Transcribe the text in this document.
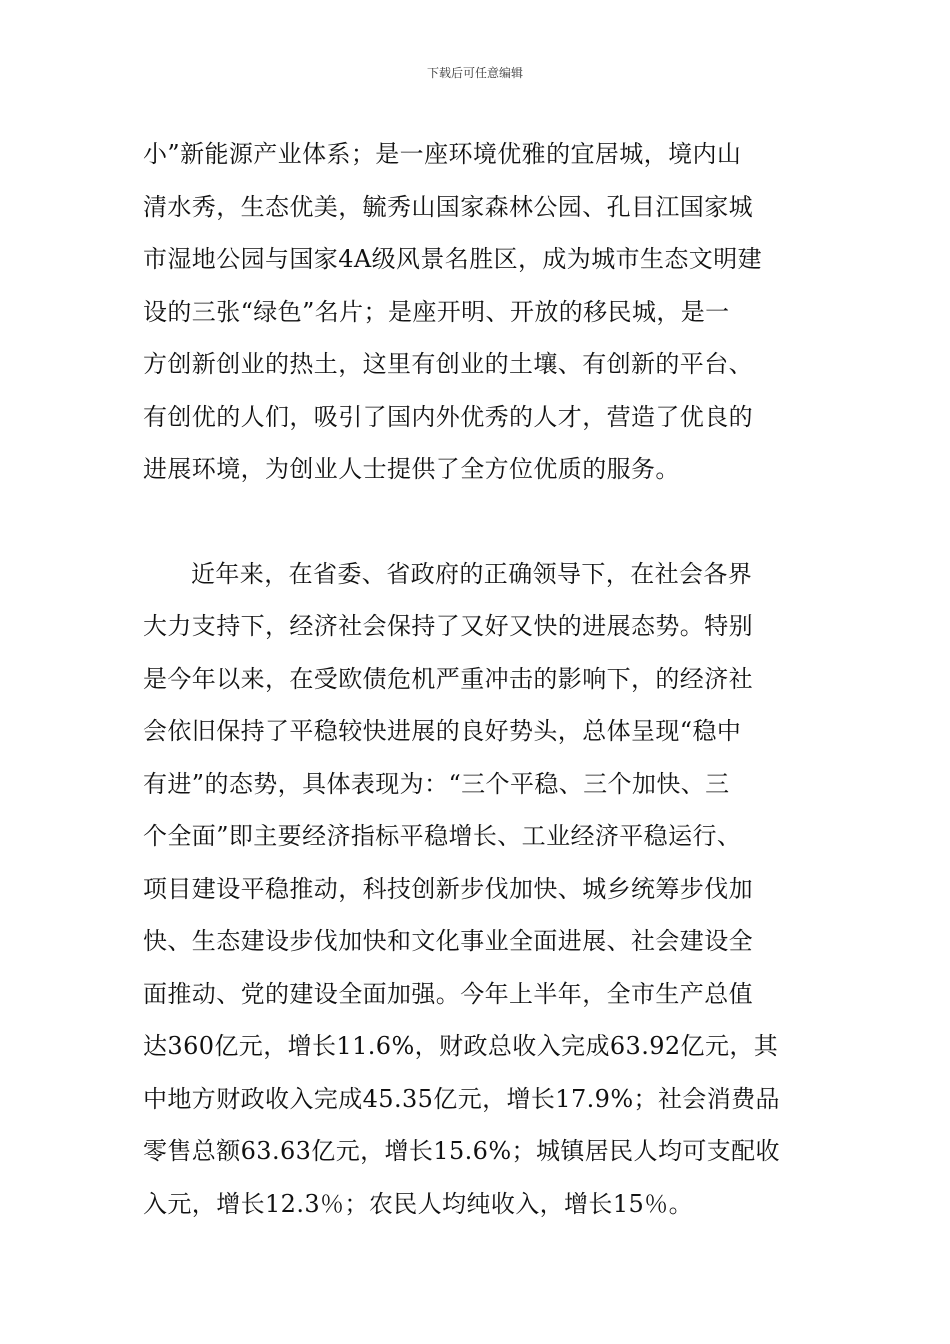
下载后可任意编辑

小”新能源产业体系；是一座环境优雅的宜居城，境内山

清水秀，生态优美，毓秀山国家森林公园、孔目江国家城

市湿地公园与国家4A级风景名胜区，成为城市生态文明建

设的三张“绿色”名片；是座开明、开放的移民城，是一

方创新创业的热土，这里有创业的土壤、有创新的平台、

有创优的人们，吸引了国内外优秀的人才，营造了优良的

进展环境，为创业人士提供了全方位优质的服务。

近年来，在省委、省政府的正确领导下，在社会各界

大力支持下，经济社会保持了又好又快的进展态势。特别

是今年以来，在受欧债危机严重冲击的影响下，的经济社

会依旧保持了平稳较快进展的良好势头，总体呈现“稳中

有进”的态势，具体表现为：“三个平稳、三个加快、三

个全面”即主要经济指标平稳增长、工业经济平稳运行、

项目建设平稳推动，科技创新步伐加快、城乡统筹步伐加

快、生态建设步伐加快和文化事业全面进展、社会建设全

面推动、党的建设全面加强。今年上半年，全市生产总值

达360亿元，增长11.6%，财政总收入完成63.92亿元，其

中地方财政收入完成45.35亿元，增长17.9%；社会消费品

零售总额63.63亿元，增长15.6%；城镇居民人均可支配收

入元，增长12.3％；农民人均纯收入，增长15％。
